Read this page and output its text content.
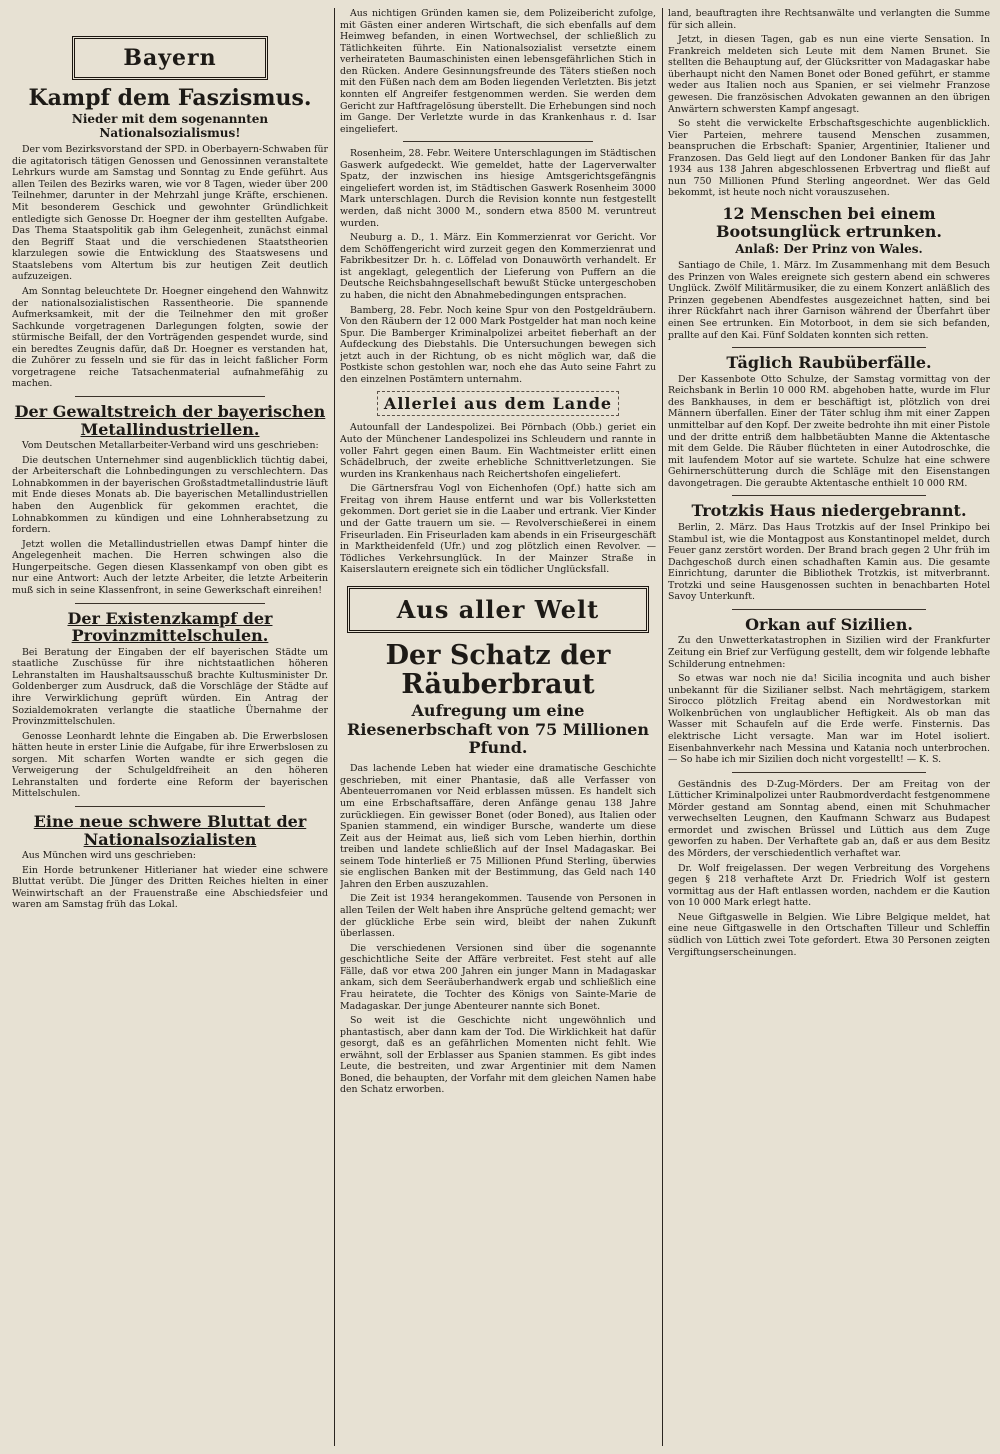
Bayern
Kampf dem Faszismus.
Nieder mit dem sogenannten Nationalsozialismus!

Der vom Bezirksvorstand der SPD. in Oberbayern-Schwaben für die agitatorisch tätigen Genossen und Genossinnen veranstaltete Lehrkurs wurde am Samstag und Sonntag zu Ende geführt. Aus allen Teilen des Bezirks waren, wie vor 8 Tagen, wieder über 200 Teilnehmer, darunter in der Mehrzahl junge Kräfte, erschienen. Mit besonderem Geschick und gewohnter Gründlichkeit entledigte sich Genosse Dr. Hoegner der ihm gestellten Aufgabe. Das Thema Staatspolitik gab ihm Gelegenheit, zunächst einmal den Begriff Staat und die verschiedenen Staatstheorien klarzulegen sowie die Entwicklung des Staatswesens und Staatslebens vom Altertum bis zur heutigen Zeit deutlich aufzuzeigen.

Am Sonntag beleuchtete Dr. Hoegner eingehend den Wahnwitz der nationalsozialistischen Rassentheorie. Die spannende Aufmerksamkeit, mit der die Teilnehmer den mit großer Sachkunde vorgetragenen Darlegungen folgten, sowie der stürmische Beifall, der den Vorträgenden gespendet wurde, sind ein beredtes Zeugnis dafür, daß Dr. Hoegner es verstanden hat, die Zuhörer zu fesseln und sie für das in leicht faßlicher Form vorgetragene reiche Tatsachenmaterial aufnahmefähig zu machen.

Der Gewaltstreich der bayerischen Metallindustriellen.

Vom Deutschen Metallarbeiter-Verband wird uns geschrieben:

Die deutschen Unternehmer sind augenblicklich tüchtig dabei, der Arbeiterschaft die Lohnbedingungen zu verschlechtern. Das Lohnabkommen in der bayerischen Großstadtmetallindustrie läuft mit Ende dieses Monats ab. Die bayerischen Metallindustriellen haben den Augenblick für gekommen erachtet, die Lohnabkommen zu kündigen und eine Lohnherabsetzung zu fordern.

Jetzt wollen die Metallindustriellen etwas Dampf hinter die Angelegenheit machen. Die Herren schwingen also die Hungerpeitsche. Gegen diesen Klassenkampf von oben gibt es nur eine Antwort: Auch der letzte Arbeiter, die letzte Arbeiterin muß sich in seine Klassenfront, in seine Gewerkschaft einreihen!

Der Existenzkampf der Provinzmittelschulen.

Bei Beratung der Eingaben der elf bayerischen Städte um staatliche Zuschüsse für ihre nichtstaatlichen höheren Lehranstalten im Haushaltsausschuß brachte Kultusminister Dr. Goldenberger zum Ausdruck, daß die Vorschläge der Städte auf ihre Verwirklichung geprüft würden. Ein Antrag der Sozialdemokraten verlangte die staatliche Übernahme der Provinzmittelschulen.

Genosse Leonhardt lehnte die Eingaben ab. Die Erwerbslosen hätten heute in erster Linie die Aufgabe, für ihre Erwerbslosen zu sorgen. Mit scharfen Worten wandte er sich gegen die Verweigerung der Schulgeldfreiheit an den höheren Lehranstalten und forderte eine Reform der bayerischen Mittelschulen.

Eine neue schwere Bluttat der Nationalsozialisten

Aus München wird uns geschrieben:

Ein Horde betrunkener Hitlerianer hat wieder eine schwere Bluttat verübt. Die Jünger des Dritten Reiches hielten in einer Weinwirtschaft an der Frauenstraße eine Abschiedsfeier und waren am Samstag früh das Lokal.

Aus nichtigen Gründen kamen sie, dem Polizeibericht zufolge, mit Gästen einer anderen Wirtschaft, die sich ebenfalls auf dem Heimweg befanden, in einen Wortwechsel, der schließlich zu Tätlichkeiten führte. Ein Nationalsozialist versetzte einem verheirateten Baumaschinisten einen lebensgefährlichen Stich in den Rücken. Andere Gesinnungsfreunde des Täters stießen noch mit den Füßen nach dem am Boden liegenden Verletzten. Bis jetzt konnten elf Angreifer festgenommen werden. Sie werden dem Gericht zur Haftfragelösung überstellt. Die Erhebungen sind noch im Gange. Der Verletzte wurde in das Krankenhaus r. d. Isar eingeliefert.

Rosenheim, 28. Febr. Weitere Unterschlagungen im Städtischen Gaswerk aufgedeckt. Wie gemeldet, hatte der Lagerverwalter Spatz, der inzwischen ins hiesige Amtsgerichtsgefängnis eingeliefert worden ist, im Städtischen Gaswerk Rosenheim 3000 Mark unterschlagen. Durch die Revision konnte nun festgestellt werden, daß nicht 3000 M., sondern etwa 8500 M. veruntreut wurden.

Neuburg a. D., 1. März. Ein Kommerzienrat vor Gericht. Vor dem Schöffengericht wird zurzeit gegen den Kommerzienrat und Fabrikbesitzer Dr. h. c. Löffelad von Donauwörth verhandelt. Er ist angeklagt, gelegentlich der Lieferung von Puffern an die Deutsche Reichsbahngesellschaft bewußt Stücke untergeschoben zu haben, die nicht den Abnahmebedingungen entsprachen.

Bamberg, 28. Febr. Noch keine Spur von den Postgeldräubern. Von den Räubern der 12 000 Mark Postgelder hat man noch keine Spur. Die Bamberger Kriminalpolizei arbeitet fieberhaft an der Aufdeckung des Diebstahls. Die Untersuchungen bewegen sich jetzt auch in der Richtung, ob es nicht möglich war, daß die Postkiste schon gestohlen war, noch ehe das Auto seine Fahrt zu den einzelnen Postämtern unternahm.

Allerlei aus dem Lande

Autounfall der Landespolizei. Bei Pörnbach (Obb.) geriet ein Auto der Münchener Landespolizei ins Schleudern und rannte in voller Fahrt gegen einen Baum. Ein Wachtmeister erlitt einen Schädelbruch, der zweite erhebliche Schnittverletzungen. Sie wurden ins Krankenhaus nach Reichertshofen eingeliefert.

Die Gärtnersfrau Vogl von Eichenhofen (Opf.) hatte sich am Freitag von ihrem Hause entfernt und war bis Vollerkstetten gekommen. Dort geriet sie in die Laaber und ertrank. Vier Kinder und der Gatte trauern um sie. — Revolverschießerei in einem Friseurladen. Ein Friseurladen kam abends in ein Friseurgeschäft in Marktheidenfeld (Ufr.) und zog plötzlich einen Revolver. — Tödliches Verkehrsunglück. In der Mainzer Straße in Kaiserslautern ereignete sich ein tödlicher Unglücksfall.

Aus aller Welt
Der Schatz der Räuberbraut
Aufregung um eine Riesenerbschaft von 75 Millionen Pfund.

Das lachende Leben hat wieder eine dramatische Geschichte geschrieben, mit einer Phantasie, daß alle Verfasser von Abenteuerromanen vor Neid erblassen müssen. Es handelt sich um eine Erbschaftsaffäre, deren Anfänge genau 138 Jahre zurückliegen. Ein gewisser Bonet (oder Boned), aus Italien oder Spanien stammend, ein windiger Bursche, wanderte um diese Zeit aus der Heimat aus, ließ sich vom Leben hierhin, dorthin treiben und landete schließlich auf der Insel Madagaskar. Bei seinem Tode hinterließ er 75 Millionen Pfund Sterling, überwies sie englischen Banken mit der Bestimmung, das Geld nach 140 Jahren den Erben auszuzahlen.

Die Zeit ist 1934 herangekommen. Tausende von Personen in allen Teilen der Welt haben ihre Ansprüche geltend gemacht; wer der glückliche Erbe sein wird, bleibt der nahen Zukunft überlassen.

Die verschiedenen Versionen sind über die sogenannte geschichtliche Seite der Affäre verbreitet. Fest steht auf alle Fälle, daß vor etwa 200 Jahren ein junger Mann in Madagaskar ankam, sich dem Seeräuberhandwerk ergab und schließlich eine Frau heiratete, die Tochter des Königs von Sainte-Marie de Madagaskar. Der junge Abenteurer nannte sich Bonet.

So weit ist die Geschichte nicht ungewöhnlich und phantastisch, aber dann kam der Tod. Die Wirklichkeit hat dafür gesorgt, daß es an gefährlichen Momenten nicht fehlt. Wie erwähnt, soll der Erblasser aus Spanien stammen. Es gibt indes Leute, die bestreiten, und zwar Argentinier mit dem Namen Boned, die behaupten, der Vorfahr mit dem gleichen Namen habe den Schatz erworben.

land, beauftragten ihre Rechtsanwälte und verlangten die Summe für sich allein.

Jetzt, in diesen Tagen, gab es nun eine vierte Sensation. In Frankreich meldeten sich Leute mit dem Namen Brunet. Sie stellten die Behauptung auf, der Glücksritter von Madagaskar habe überhaupt nicht den Namen Bonet oder Boned geführt, er stamme weder aus Italien noch aus Spanien, er sei vielmehr Franzose gewesen. Die französischen Advokaten gewannen an den übrigen Anwärtern schwersten Kampf angesagt.

So steht die verwickelte Erbschaftsgeschichte augenblicklich. Vier Parteien, mehrere tausend Menschen zusammen, beanspruchen die Erbschaft: Spanier, Argentinier, Italiener und Franzosen. Das Geld liegt auf den Londoner Banken für das Jahr 1934 aus 138 Jahren abgeschlossenen Erbvertrag und fließt auf nun 750 Millionen Pfund Sterling angeordnet. Wer das Geld bekommt, ist heute noch nicht vorauszusehen.

12 Menschen bei einem Bootsunglück ertrunken.
Anlaß: Der Prinz von Wales.

Santiago de Chile, 1. März. Im Zusammenhang mit dem Besuch des Prinzen von Wales ereignete sich gestern abend ein schweres Unglück. Zwölf Militärmusiker, die zu einem Konzert anläßlich des Prinzen gegebenen Abendfestes ausgezeichnet hatten, sind bei ihrer Rückfahrt nach ihrer Garnison während der Überfahrt über einen See ertrunken. Ein Motorboot, in dem sie sich befanden, prallte auf den Kai. Fünf Soldaten konnten sich retten.

Täglich Raubüberfälle.

Der Kassenbote Otto Schulze, der Samstag vormittag von der Reichsbank in Berlin 10 000 RM. abgehoben hatte, wurde im Flur des Bankhauses, in dem er beschäftigt ist, plötzlich von drei Männern überfallen. Einer der Täter schlug ihm mit einer Zappen unmittelbar auf den Kopf. Der zweite bedrohte ihn mit einer Pistole und der dritte entriß dem halbbetäubten Manne die Aktentasche mit dem Gelde. Die Räuber flüchteten in einer Autodroschke, die mit laufendem Motor auf sie wartete. Schulze hat eine schwere Gehirnerschütterung durch die Schläge mit den Eisenstangen davongetragen. Die geraubte Aktentasche enthielt 10 000 RM.

Trotzkis Haus niedergebrannt.

Berlin, 2. März. Das Haus Trotzkis auf der Insel Prinkipo bei Stambul ist, wie die Montagpost aus Konstantinopel meldet, durch Feuer ganz zerstört worden. Der Brand brach gegen 2 Uhr früh im Dachgeschoß durch einen schadhaften Kamin aus. Die gesamte Einrichtung, darunter die Bibliothek Trotzkis, ist mitverbrannt. Trotzki und seine Hausgenossen suchten in benachbarten Hotel Savoy Unterkunft.

Orkan auf Sizilien.

Zu den Unwetterkatastrophen in Sizilien wird der Frankfurter Zeitung ein Brief zur Verfügung gestellt, dem wir folgende lebhafte Schilderung entnehmen:

So etwas war noch nie da! Sicilia incognita und auch bisher unbekannt für die Sizilianer selbst. Nach mehrtägigem, starkem Sirocco plötzlich Freitag abend ein Nordwestorkan mit Wolkenbrüchen von unglaublicher Heftigkeit. Als ob man das Wasser mit Schaufeln auf die Erde werfe. Finsternis. Das elektrische Licht versagte. Man war im Hotel isoliert. Eisenbahnverkehr nach Messina und Katania noch unterbrochen. — So habe ich mir Sizilien doch nicht vorgestellt! — K. S.

Geständnis des D-Zug-Mörders. Der am Freitag von der Lütticher Kriminalpolizei unter Raubmordverdacht festgenommene Mörder gestand am Sonntag abend, einen mit Schuhmacher verwechselten Leugnen, den Kaufmann Schwarz aus Budapest ermordet und zwischen Brüssel und Lüttich aus dem Zuge geworfen zu haben. Der Verhaftete gab an, daß er aus dem Besitz des Mörders, der verschiedentlich verhaftet war.

Dr. Wolf freigelassen. Der wegen Verbreitung des Vorgehens gegen § 218 verhaftete Arzt Dr. Friedrich Wolf ist gestern vormittag aus der Haft entlassen worden, nachdem er die Kaution von 10 000 Mark erlegt hatte.

Neue Giftgaswelle in Belgien. Wie Libre Belgique meldet, hat eine neue Giftgaswelle in den Ortschaften Tilleur und Schleffin südlich von Lüttich zwei Tote gefordert. Etwa 30 Personen zeigten Vergiftungserscheinungen.
